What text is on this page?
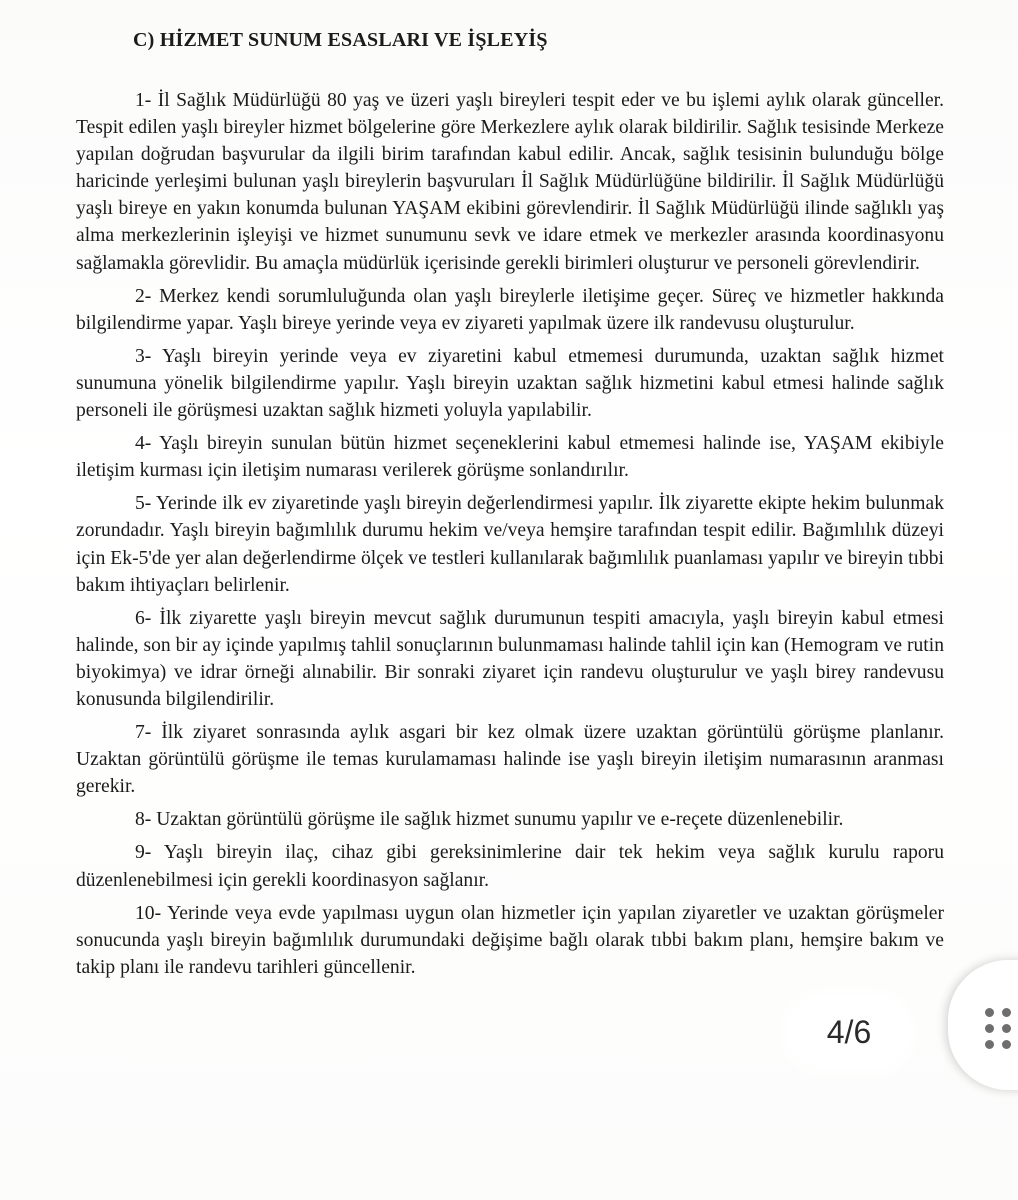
C) HİZMET SUNUM ESASLARI VE İŞLEYİŞ

1- İl Sağlık Müdürlüğü 80 yaş ve üzeri yaşlı bireyleri tespit eder ve bu işlemi aylık olarak günceller. Tespit edilen yaşlı bireyler hizmet bölgelerine göre Merkezlere aylık olarak bildirilir. Sağlık tesisinde Merkeze yapılan doğrudan başvurular da ilgili birim tarafından kabul edilir. Ancak, sağlık tesisinin bulunduğu bölge haricinde yerleşimi bulunan yaşlı bireylerin başvuruları İl Sağlık Müdürlüğüne bildirilir. İl Sağlık Müdürlüğü yaşlı bireye en yakın konumda bulunan YAŞAM ekibini görevlendirir. İl Sağlık Müdürlüğü ilinde sağlıklı yaş alma merkezlerinin işleyişi ve hizmet sunumunu sevk ve idare etmek ve merkezler arasında koordinasyonu sağlamakla görevlidir. Bu amaçla müdürlük içerisinde gerekli birimleri oluşturur ve personeli görevlendirir.

2- Merkez kendi sorumluluğunda olan yaşlı bireylerle iletişime geçer. Süreç ve hizmetler hakkında bilgilendirme yapar. Yaşlı bireye yerinde veya ev ziyareti yapılmak üzere ilk randevusu oluşturulur.

3- Yaşlı bireyin yerinde veya ev ziyaretini kabul etmemesi durumunda, uzaktan sağlık hizmet sunumuna yönelik bilgilendirme yapılır. Yaşlı bireyin uzaktan sağlık hizmetini kabul etmesi halinde sağlık personeli ile görüşmesi uzaktan sağlık hizmeti yoluyla yapılabilir.

4- Yaşlı bireyin sunulan bütün hizmet seçeneklerini kabul etmemesi halinde ise, YAŞAM ekibiyle iletişim kurması için iletişim numarası verilerek görüşme sonlandırılır.

5- Yerinde ilk ev ziyaretinde yaşlı bireyin değerlendirmesi yapılır. İlk ziyarette ekipte hekim bulunmak zorundadır. Yaşlı bireyin bağımlılık durumu hekim ve/veya hemşire tarafından tespit edilir. Bağımlılık düzeyi için Ek-5'de yer alan değerlendirme ölçek ve testleri kullanılarak bağımlılık puanlaması yapılır ve bireyin tıbbi bakım ihtiyaçları belirlenir.

6- İlk ziyarette yaşlı bireyin mevcut sağlık durumunun tespiti amacıyla, yaşlı bireyin kabul etmesi halinde, son bir ay içinde yapılmış tahlil sonuçlarının bulunmaması halinde tahlil için kan (Hemogram ve rutin biyokimya) ve idrar örneği alınabilir. Bir sonraki ziyaret için randevu oluşturulur ve yaşlı birey randevusu konusunda bilgilendirilir.

7- İlk ziyaret sonrasında aylık asgari bir kez olmak üzere uzaktan görüntülü görüşme planlanır. Uzaktan görüntülü görüşme ile temas kurulamaması halinde ise yaşlı bireyin iletişim numarasının aranması gerekir.

8- Uzaktan görüntülü görüşme ile sağlık hizmet sunumu yapılır ve e-reçete düzenlenebilir.

9- Yaşlı bireyin ilaç, cihaz gibi gereksinimlerine dair tek hekim veya sağlık kurulu raporu düzenlenebilmesi için gerekli koordinasyon sağlanır.

10- Yerinde veya evde yapılması uygun olan hizmetler için yapılan ziyaretler ve uzaktan görüşmeler sonucunda yaşlı bireyin bağımlılık durumundaki değişime bağlı olarak tıbbi bakım planı, hemşire bakım ve takip planı ile randevu tarihleri güncellenir.

4/6
